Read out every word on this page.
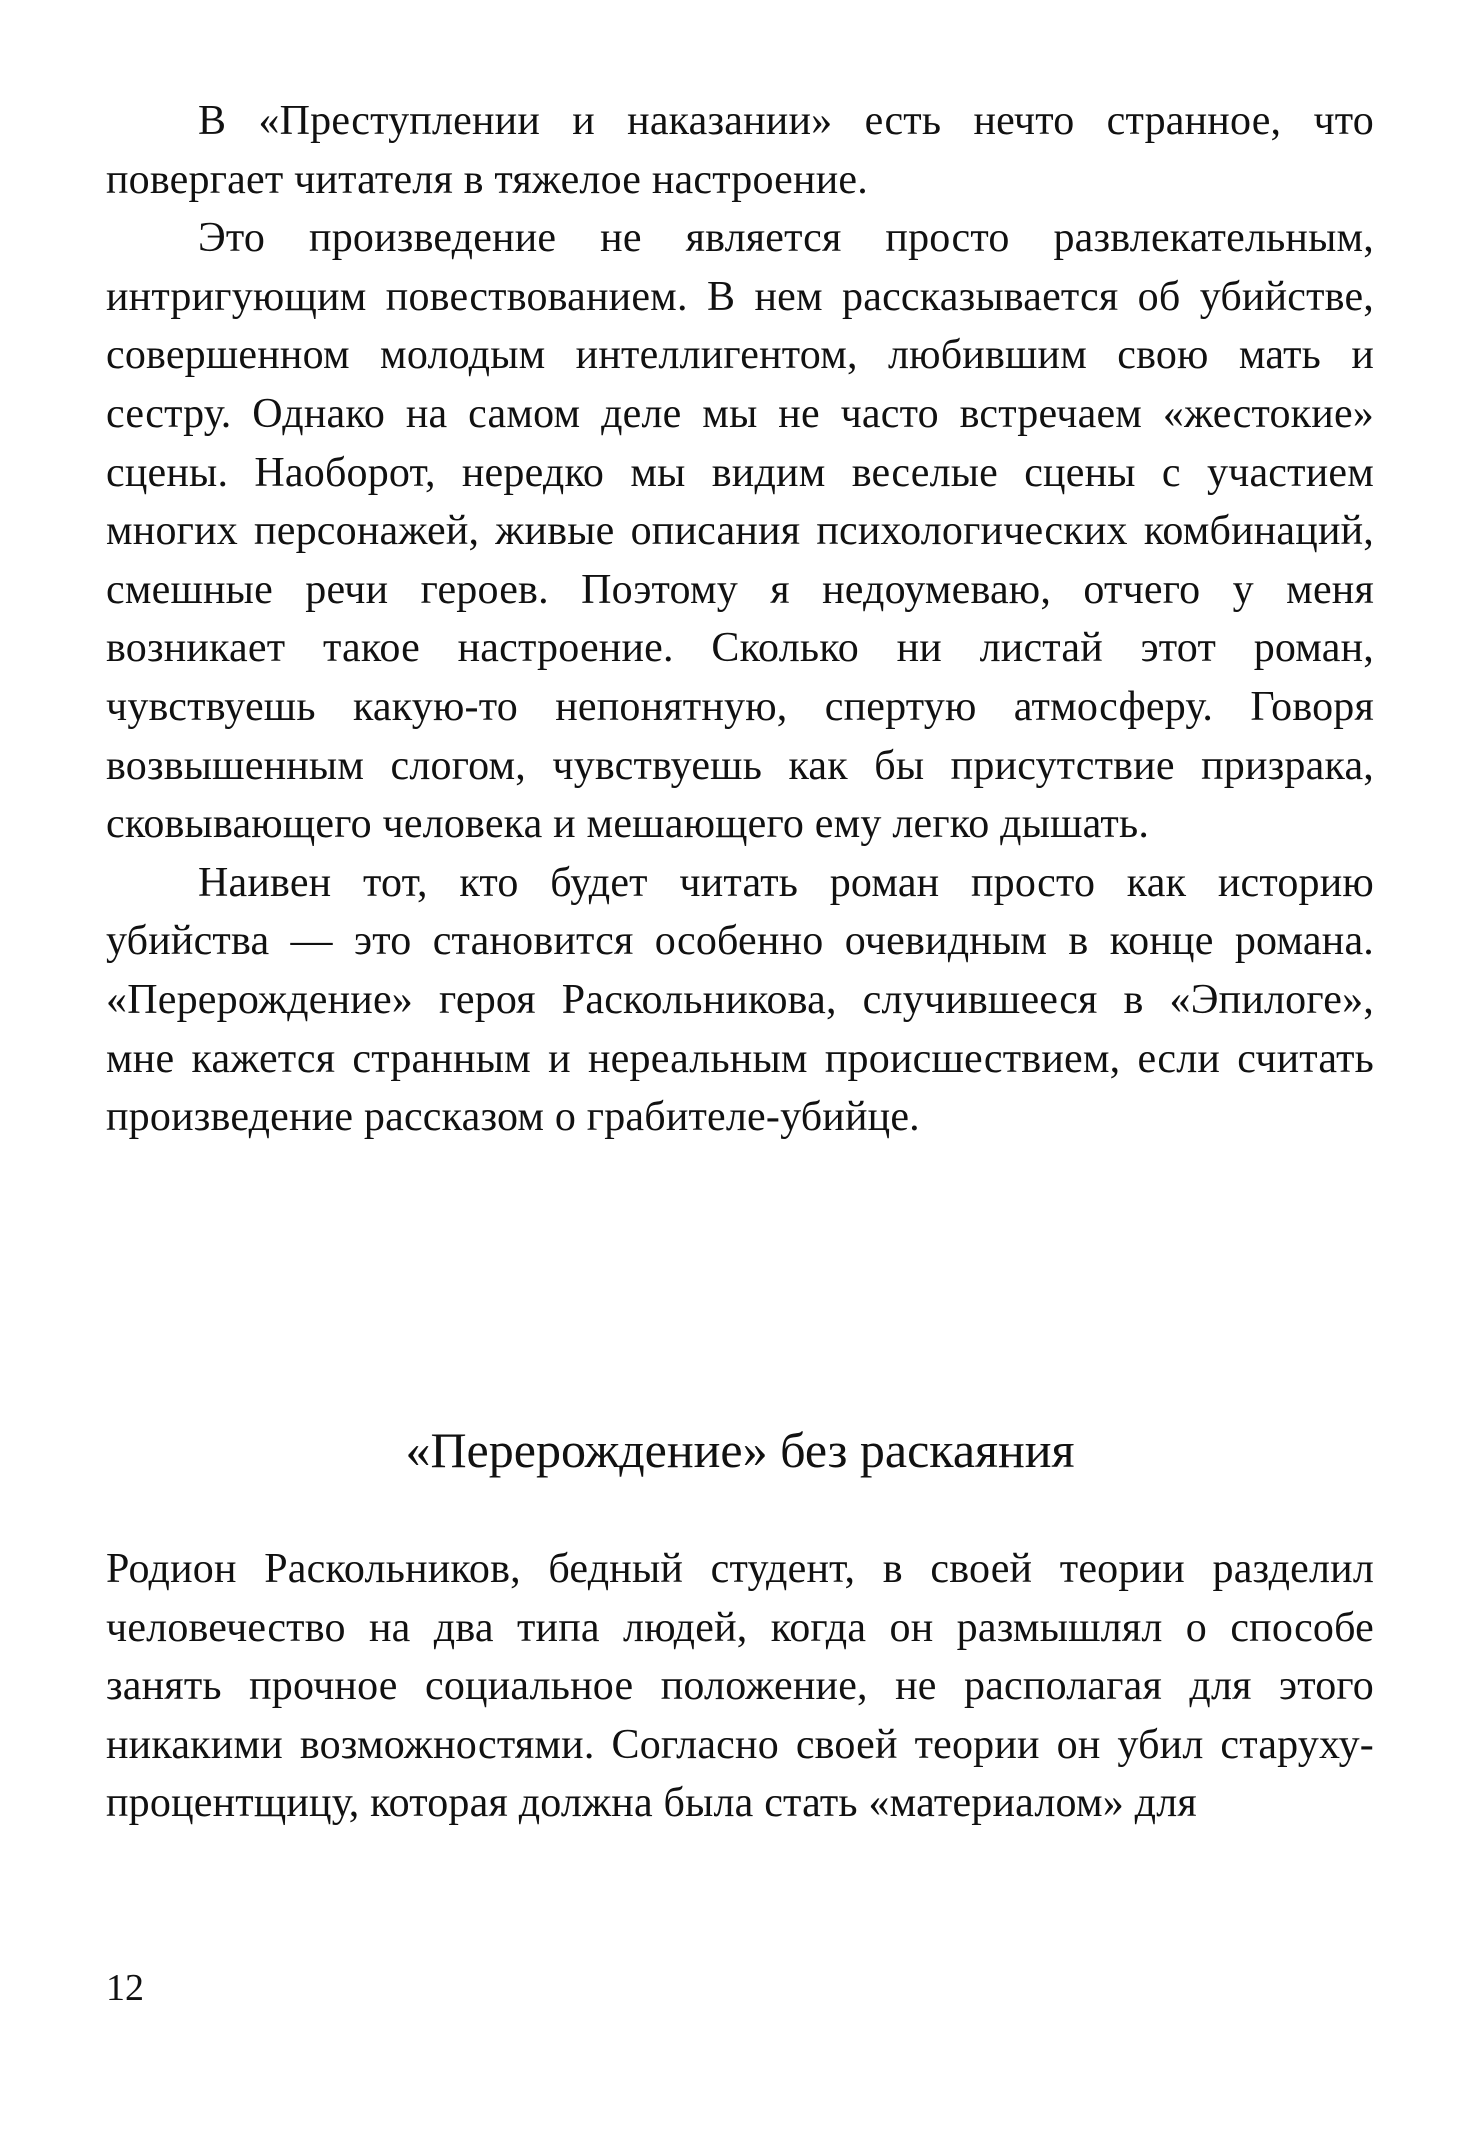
В «Преступлении и наказании» есть нечто странное, что повергает читателя в тяжелое настроение.

Это произведение не является просто развлекательным, интригующим повествованием. В нем рассказывается об убийстве, совершенном молодым интеллигентом, любившим свою мать и сестру. Однако на самом деле мы не часто встречаем «жестокие» сцены. Наоборот, нередко мы видим веселые сцены с участием многих персонажей, живые описания психологических комбинаций, смешные речи героев. Поэтому я недоумеваю, отчего у меня возникает такое настроение. Сколько ни листай этот роман, чувствуешь какую-то непонятную, спертую атмосферу. Говоря возвышенным слогом, чувствуешь как бы присутствие призрака, сковывающего человека и мешающего ему легко дышать.

Наивен тот, кто будет читать роман просто как историю убийства — это становится особенно очевидным в конце романа. «Перерождение» героя Раскольникова, случившееся в «Эпилоге», мне кажется странным и нереальным происшествием, если считать произведение рассказом о грабителе-убийце.

«Перерождение» без раскаяния

Родион Раскольников, бедный студент, в своей теории разделил человечество на два типа людей, когда он размышлял о способе занять прочное социальное положение, не располагая для этого никакими возможностями. Согласно своей теории он убил старуху-процентщицу, которая должна была стать «материалом» для

12
